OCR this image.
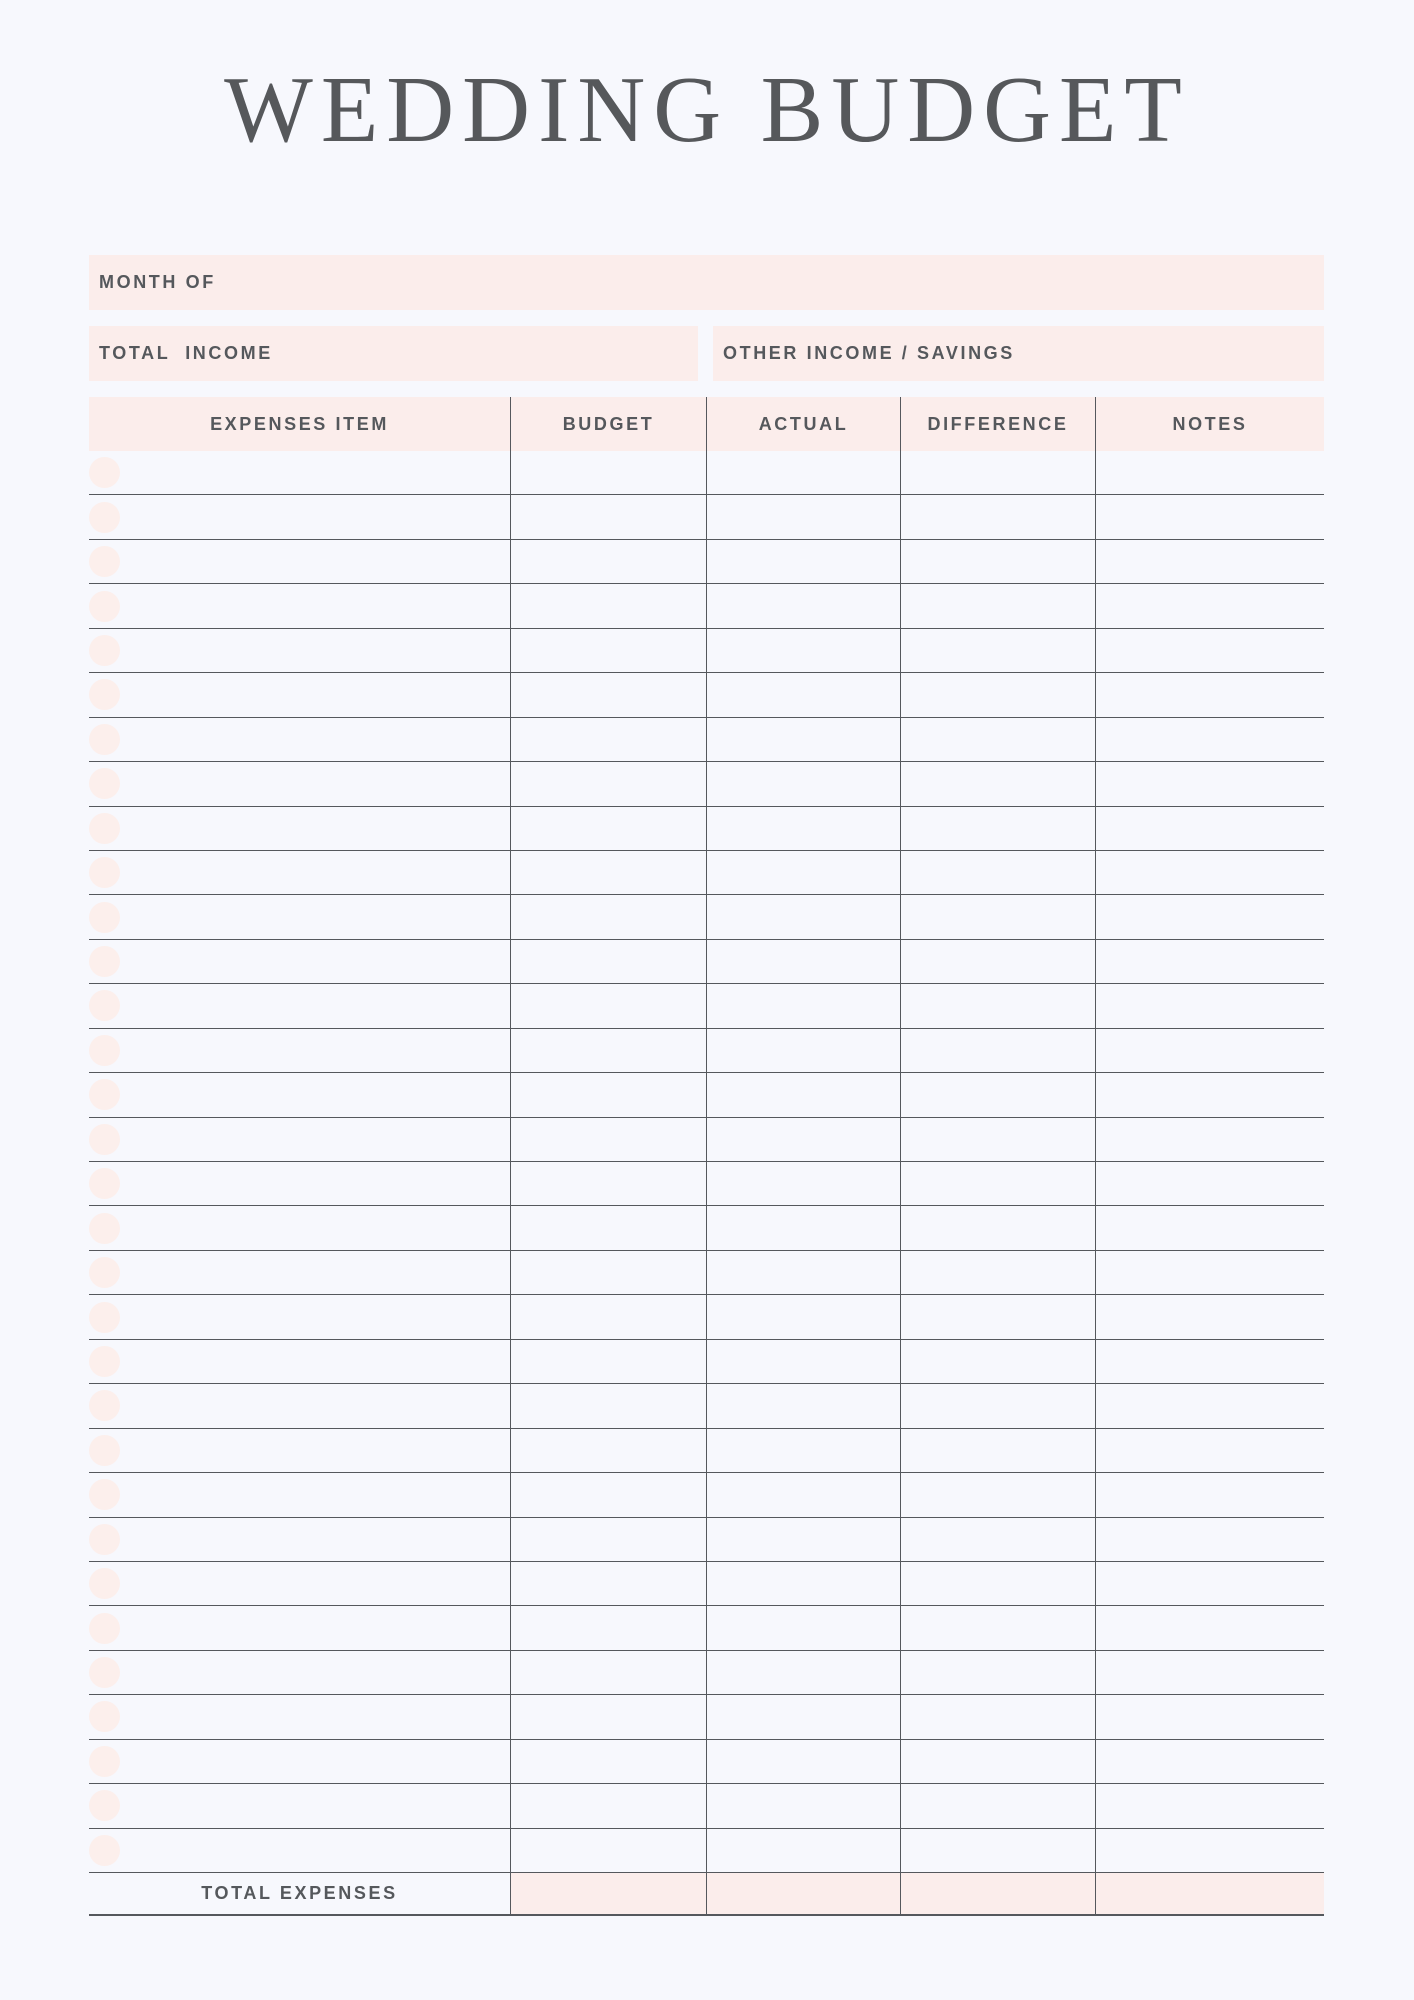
WEDDING BUDGET
MONTH OF
TOTAL  INCOME	OTHER INCOME / SAVINGS
EXPENSES ITEM	BUDGET	ACTUAL	DIFFERENCE	NOTES
TOTAL EXPENSES
